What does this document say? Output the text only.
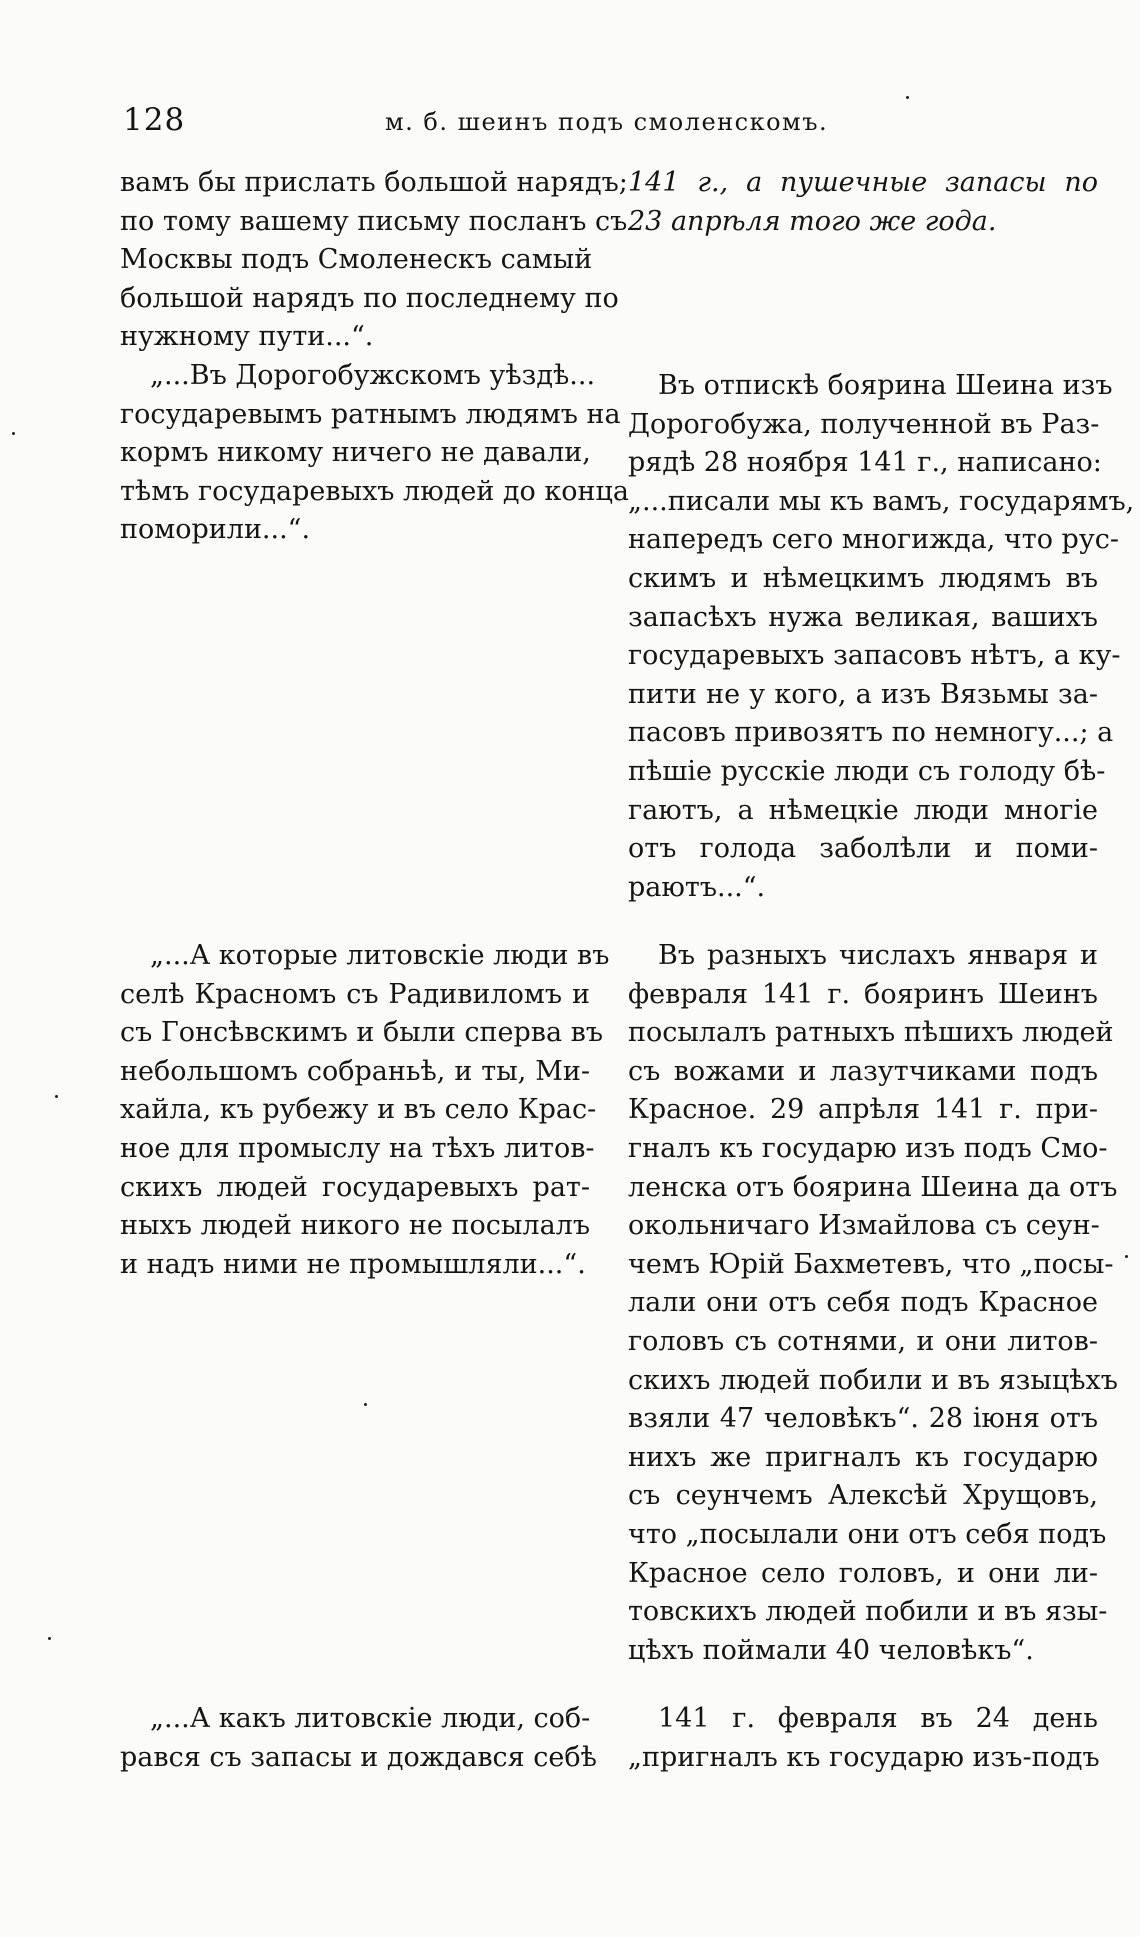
128	м. б. шеинъ подъ смоленскомъ.
вамъ бы прислать большой нарядъ;
по тому вашему письму посланъ съ
Москвы подъ Смоленескъ самый
большой нарядъ по последнему по
нужному пути...“.
„...Въ Дорогобужскомъ уѣздѣ...
государевымъ ратнымъ людямъ на
кормъ никому ничего не давали,
тѣмъ государевыхъ людей до конца
поморили...“.
„...А которые литовскіе люди въ
селѣ Красномъ съ Радивиломъ и
съ Гонсѣвскимъ и были сперва въ
небольшомъ собраньѣ, и ты, Ми-
хайла, къ рубежу и въ село Крас-
ное для промыслу на тѣхъ литов-
скихъ людей государевыхъ рат-
ныхъ людей никого не посылалъ
и надъ ними не промышляли...“.
„...А какъ литовскіе люди, соб-
рався съ запасы и дождався себѣ
141 г., а пушечные запасы по
23 апрѣля того же года.
Въ отпискѣ боярина Шеина изъ
Дорогобужа, полученной въ Раз-
рядѣ 28 ноября 141 г., написано:
„...писали мы къ вамъ, государямъ,
напередъ сего многижда, что рус-
скимъ и нѣмецкимъ людямъ въ
запасѣхъ нужа великая, вашихъ
государевыхъ запасовъ нѣтъ, а ку-
пити не у кого, а изъ Вязьмы за-
пасовъ привозятъ по немногу...; а
пѣшіе русскіе люди съ голоду бѣ-
гаютъ, а нѣмецкіе люди многіе
отъ голода заболѣли и поми-
раютъ...“.
Въ разныхъ числахъ января и
февраля 141 г. бояринъ Шеинъ
посылалъ ратныхъ пѣшихъ людей
съ вожами и лазутчиками подъ
Красное. 29 апрѣля 141 г. при-
гналъ къ государю изъ подъ Смо-
ленска отъ боярина Шеина да отъ
окольничаго Измайлова съ сеун-
чемъ Юрій Бахметевъ, что „посы-
лали они отъ себя подъ Красное
головъ съ сотнями, и они литов-
скихъ людей побили и въ языцѣхъ
взяли 47 человѣкъ“. 28 іюня отъ
нихъ же пригналъ къ государю
съ сеунчемъ Алексѣй Хрущовъ,
что „посылали они отъ себя подъ
Красное село головъ, и они ли-
товскихъ людей побили и въ язы-
цѣхъ поймали 40 человѣкъ“.
141 г. февраля въ 24 день
„пригналъ къ государю изъ-подъ
